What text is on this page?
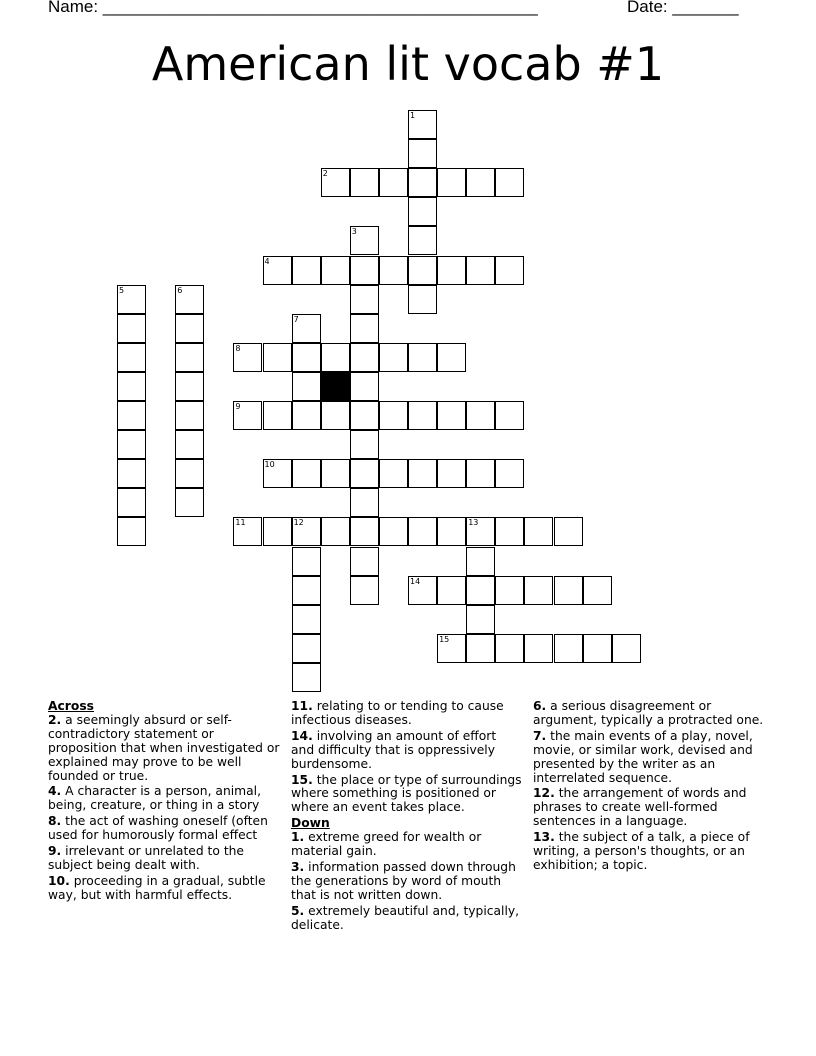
Name: ______________________________________________	Date: _______
American lit vocab #1
1
2
3
4
5	6
7
8
9
10
11	12	13
14
15

Across

2. a seemingly absurd or self-contradictory statement or proposition that when investigated or explained may prove to be well founded or true.
4. A character is a person, animal, being, creature, or thing in a story
8. the act of washing oneself (often used for humorously formal effect
9. irrelevant or unrelated to the subject being dealt with.
10. proceeding in a gradual, subtle way, but with harmful effects.
11. relating to or tending to cause infectious diseases.
14. involving an amount of effort and difficulty that is oppressively burdensome.
15. the place or type of surroundings where something is positioned or where an event takes place.

Down

1. extreme greed for wealth or material gain.
3. information passed down through the generations by word of mouth that is not written down.
5. extremely beautiful and, typically, delicate.
6. a serious disagreement or argument, typically a protracted one.
7. the main events of a play, novel, movie, or similar work, devised and presented by the writer as an interrelated sequence.
12. the arrangement of words and phrases to create well-formed sentences in a language.
13. the subject of a talk, a piece of writing, a person's thoughts, or an exhibition; a topic.
